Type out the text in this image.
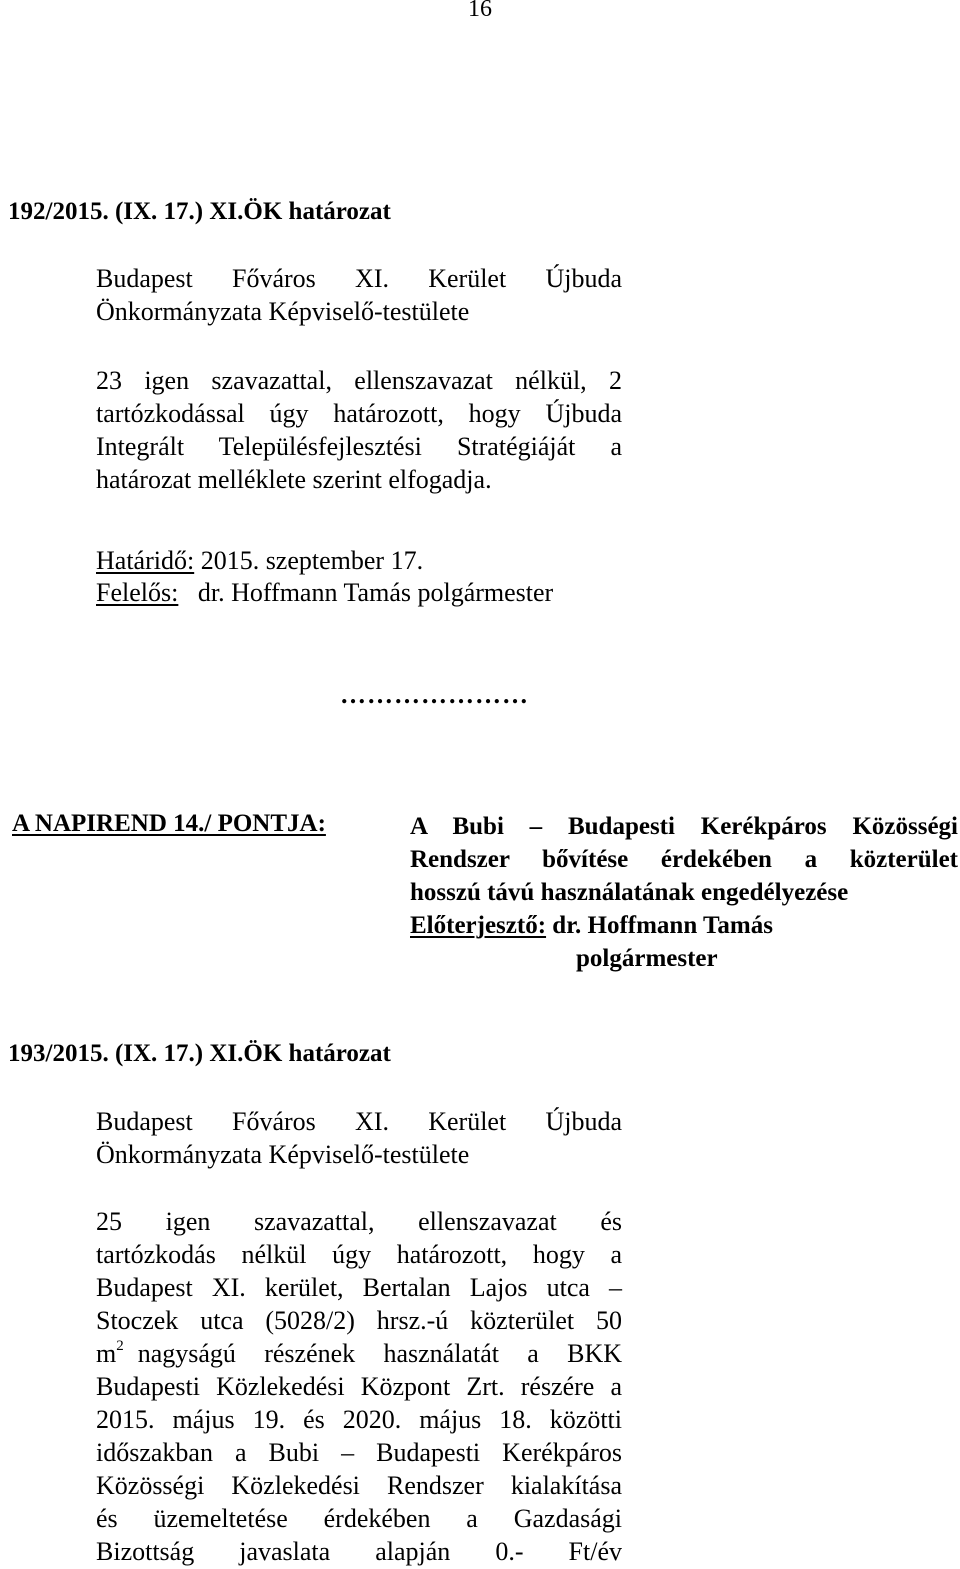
16
192/2015. (IX. 17.) XI.ÖK határozat
Budapest Főváros XI. Kerület Újbuda
Önkormányzata Képviselő-testülete
23 igen szavazattal, ellenszavazat nélkül, 2
tartózkodással úgy határozott, hogy Újbuda
Integrált Településfejlesztési Stratégiáját a
határozat melléklete szerint elfogadja.
Határidő: 2015. szeptember 17.
Felelős:   dr. Hoffmann Tamás polgármester
…………………
A NAPIREND 14./ PONTJA:	A Bubi – Budapesti Kerékpáros Közösségi
Rendszer bővítése érdekében a közterület
hosszú távú használatának engedélyezése
Előterjesztő: dr. Hoffmann Tamás
polgármester
193/2015. (IX. 17.) XI.ÖK határozat
Budapest Főváros XI. Kerület Újbuda
Önkormányzata Képviselő-testülete
25 igen szavazattal, ellenszavazat és
tartózkodás nélkül úgy határozott, hogy a
Budapest XI. kerület, Bertalan Lajos utca –
Stoczek utca (5028/2) hrsz.-ú közterület 50
$m^2$ nagyságú részének használatát a BKK
Budapesti Közlekedési Központ Zrt. részére a
2015. május 19. és 2020. május 18. közötti
időszakban a Bubi – Budapesti Kerékpáros
Közösségi Közlekedési Rendszer kialakítása
és üzemeltetése érdekében a Gazdasági
Bizottság javaslata alapján 0.- Ft/év
